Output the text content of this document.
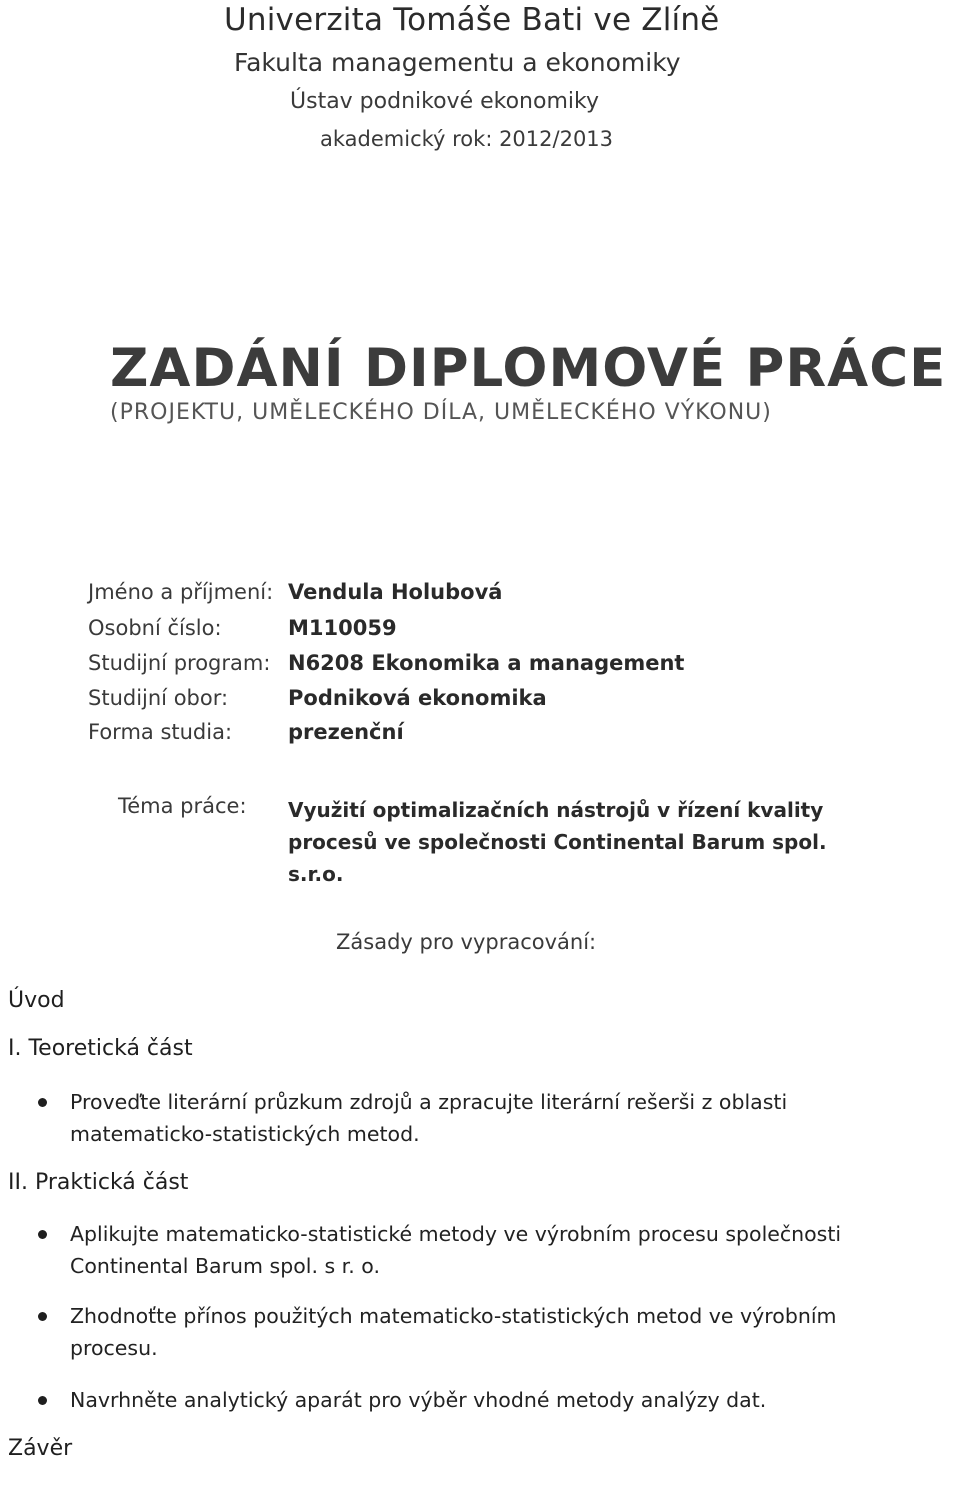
Univerzita Tomáše Bati ve Zlíně
Fakulta managementu a ekonomiky
Ústav podnikové ekonomiky
akademický rok: 2012/2013
ZADÁNÍ DIPLOMOVÉ PRÁCE
(PROJEKTU, UMĚLECKÉHO DÍLA, UMĚLECKÉHO VÝKONU)
Jméno a příjmení: Vendula Holubová
Osobní číslo:	M110059
Studijní program: N6208 Ekonomika a management
Studijní obor:	Podniková ekonomika
Forma studia:	prezenční
Téma práce: Využití optimalizačních nástrojů v řízení kvality procesů ve společnosti Continental Barum spol. s.r.o.
Zásady pro vypracování:
Úvod
I. Teoretická část
Proveďte literární průzkum zdrojů a zpracujte literární rešerši z oblasti matematicko-statistických metod.
II. Praktická část
Aplikujte matematicko-statistické metody ve výrobním procesu společnosti Continental Barum spol. s r. o.
Zhodnoťte přínos použitých matematicko-statistických metod ve výrobním procesu.
Navrhněte analytický aparát pro výběr vhodné metody analýzy dat.
Závěr
